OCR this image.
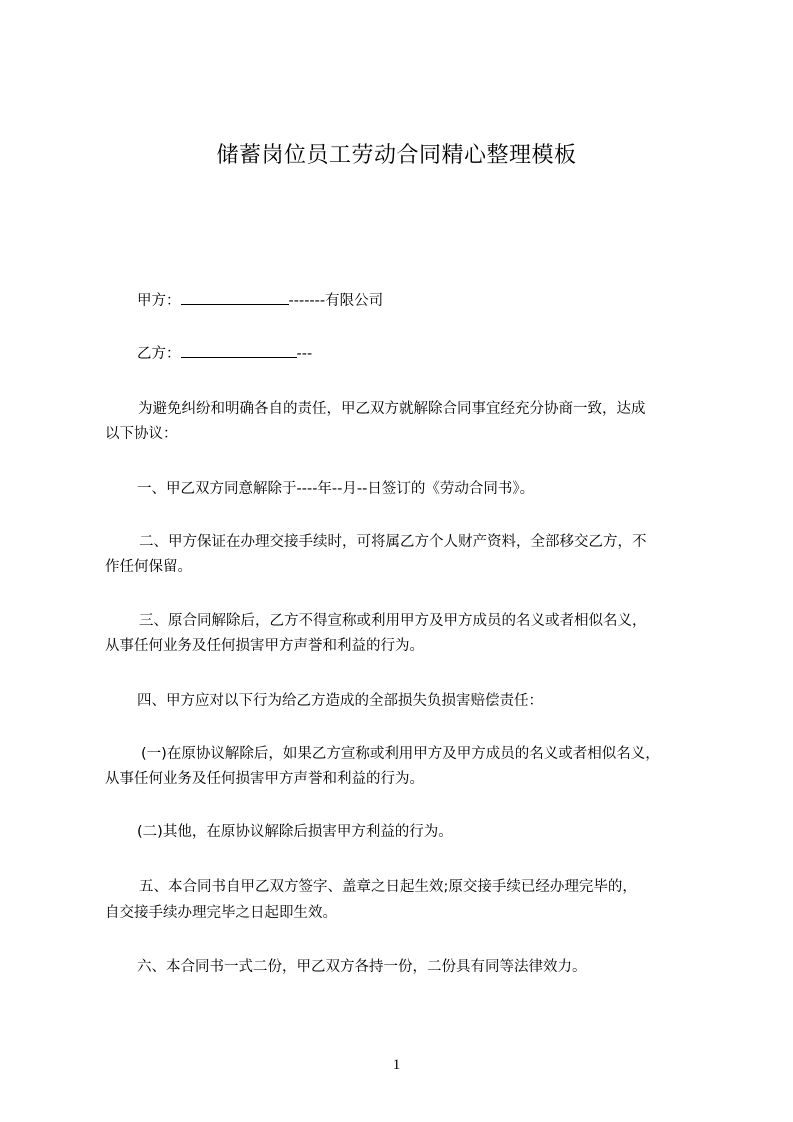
储蓄岗位员工劳动合同精心整理模板
甲方：	-------有限公司
乙方：	---
为避免纠纷和明确各自的责任，甲乙双方就解除合同事宜经充分协商一致，达成
以下协议：
一、甲乙双方同意解除于----年--月--日签订的《劳动合同书》。
二、甲方保证在办理交接手续时，可将属乙方个人财产资料，全部移交乙方，不
作任何保留。
三、原合同解除后，乙方不得宣称或利用甲方及甲方成员的名义或者相似名义，
从事任何业务及任何损害甲方声誉和利益的行为。
四、甲方应对以下行为给乙方造成的全部损失负损害赔偿责任：
(一)在原协议解除后，如果乙方宣称或利用甲方及甲方成员的名义或者相似名义，
从事任何业务及任何损害甲方声誉和利益的行为。
(二)其他，在原协议解除后损害甲方利益的行为。
五、本合同书自甲乙双方签字、盖章之日起生效;原交接手续已经办理完毕的，
自交接手续办理完毕之日起即生效。
六、本合同书一式二份，甲乙双方各持一份，二份具有同等法律效力。
1
